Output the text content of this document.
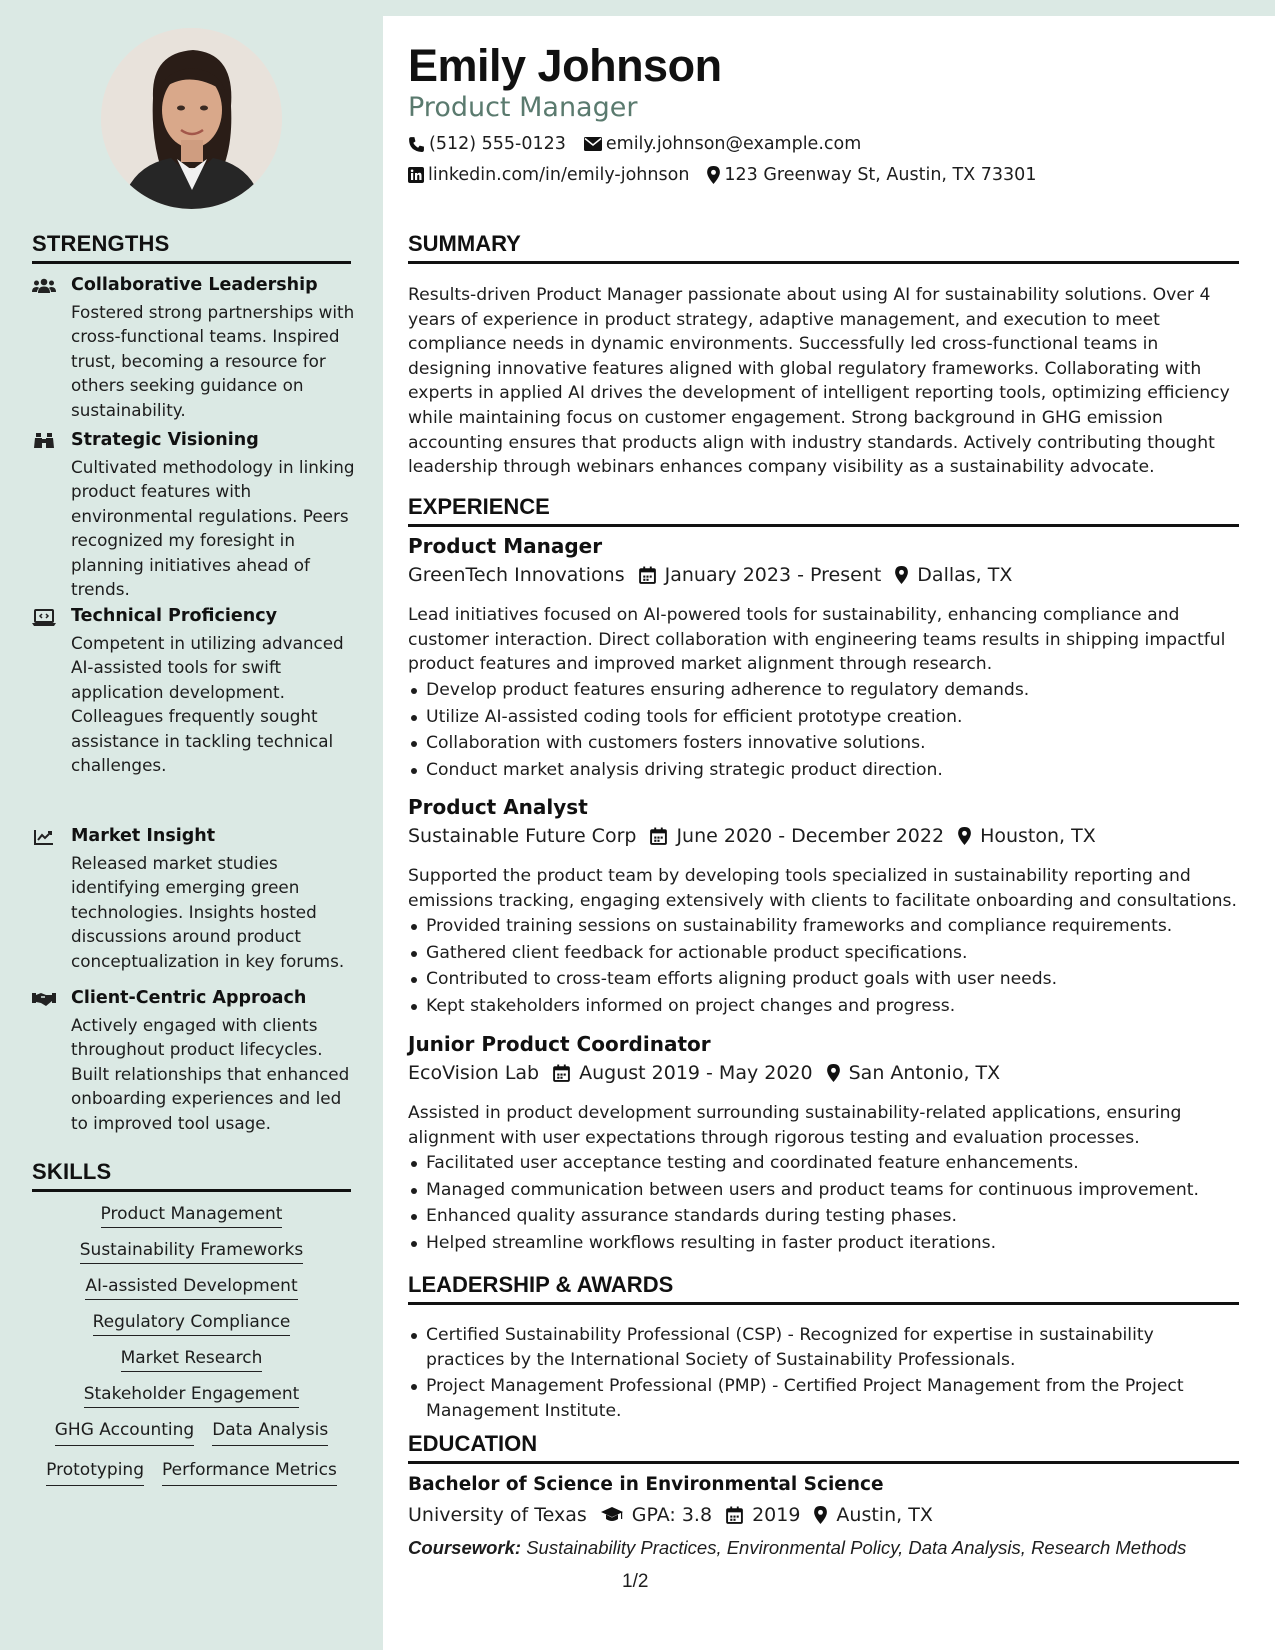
STRENGTHS
Collaborative Leadership
Fostered strong partnerships with cross-functional teams. Inspired trust, becoming a resource for others seeking guidance on sustainability.
Strategic Visioning
Cultivated methodology in linking product features with environmental regulations. Peers recognized my foresight in planning initiatives ahead of trends.
Technical Proficiency
Competent in utilizing advanced AI-assisted tools for swift application development. Colleagues frequently sought assistance in tackling technical challenges.
Market Insight
Released market studies identifying emerging green technologies. Insights hosted discussions around product conceptualization in key forums.
Client-Centric Approach
Actively engaged with clients throughout product lifecycles. Built relationships that enhanced onboarding experiences and led to improved tool usage.
SKILLS
Product Management
Sustainability Frameworks
AI-assisted Development
Regulatory Compliance
Market Research
Stakeholder Engagement
GHG Accounting Data Analysis
Prototyping Performance Metrics
Emily Johnson
Product Manager
(512) 555-0123 emily.johnson@example.com
linkedin.com/in/emily-johnson 123 Greenway St, Austin, TX 73301
SUMMARY
Results-driven Product Manager passionate about using AI for sustainability solutions. Over 4 years of experience in product strategy, adaptive management, and execution to meet compliance needs in dynamic environments. Successfully led cross-functional teams in designing innovative features aligned with global regulatory frameworks. Collaborating with experts in applied AI drives the development of intelligent reporting tools, optimizing efficiency while maintaining focus on customer engagement. Strong background in GHG emission accounting ensures that products align with industry standards. Actively contributing thought leadership through webinars enhances company visibility as a sustainability advocate.
EXPERIENCE
Product Manager
GreenTech Innovations January 2023 - Present Dallas, TX
Lead initiatives focused on AI-powered tools for sustainability, enhancing compliance and customer interaction. Direct collaboration with engineering teams results in shipping impactful product features and improved market alignment through research.
Develop product features ensuring adherence to regulatory demands.
Utilize AI-assisted coding tools for efficient prototype creation.
Collaboration with customers fosters innovative solutions.
Conduct market analysis driving strategic product direction.
Product Analyst
Sustainable Future Corp June 2020 - December 2022 Houston, TX
Supported the product team by developing tools specialized in sustainability reporting and emissions tracking, engaging extensively with clients to facilitate onboarding and consultations.
Provided training sessions on sustainability frameworks and compliance requirements.
Gathered client feedback for actionable product specifications.
Contributed to cross-team efforts aligning product goals with user needs.
Kept stakeholders informed on project changes and progress.
Junior Product Coordinator
EcoVision Lab August 2019 - May 2020 San Antonio, TX
Assisted in product development surrounding sustainability-related applications, ensuring alignment with user expectations through rigorous testing and evaluation processes.
Facilitated user acceptance testing and coordinated feature enhancements.
Managed communication between users and product teams for continuous improvement.
Enhanced quality assurance standards during testing phases.
Helped streamline workflows resulting in faster product iterations.
LEADERSHIP & AWARDS
Certified Sustainability Professional (CSP) - Recognized for expertise in sustainability practices by the International Society of Sustainability Professionals.
Project Management Professional (PMP) - Certified Project Management from the Project Management Institute.
EDUCATION
Bachelor of Science in Environmental Science
University of Texas GPA: 3.8 2019 Austin, TX
Coursework: Sustainability Practices, Environmental Policy, Data Analysis, Research Methods
1/2
